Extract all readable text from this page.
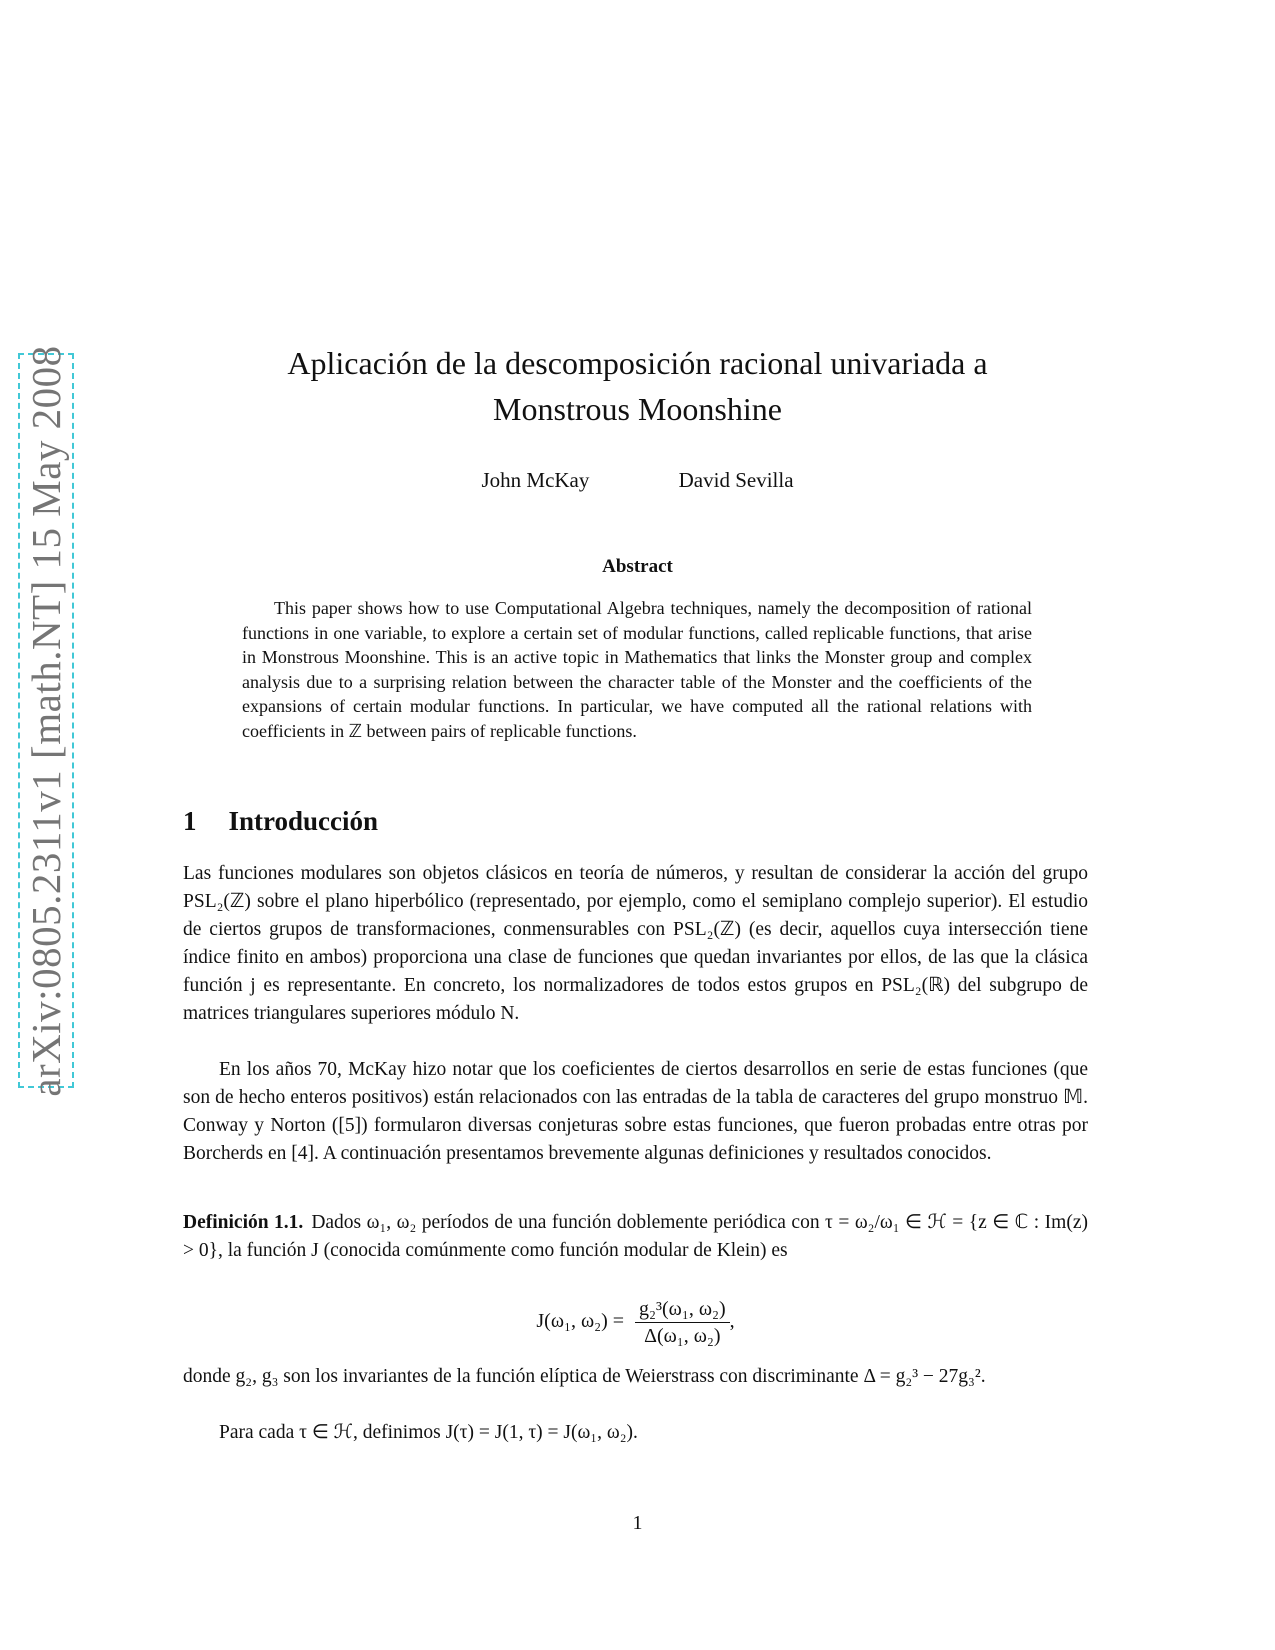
arXiv:0805.2311v1 [math.NT] 15 May 2008	Aplicación de la descomposición racional univariada a
Monstrous Moonshine
John McKay	David Sevilla
Abstract
This paper shows how to use Computational Algebra techniques, namely the decomposition of rational functions in one variable, to explore a certain set of modular functions, called replicable functions, that arise in Monstrous Moonshine. This is an active topic in Mathematics that links the Monster group and complex analysis due to a surprising relation between the character table of the Monster and the coefficients of the expansions of certain modular functions. In particular, we have computed all the rational relations with coefficients in ℤ between pairs of replicable functions.
1 Introducción
Las funciones modulares son objetos clásicos en teoría de números, y resultan de considerar la acción del grupo PSL₂(ℤ) sobre el plano hiperbólico (representado, por ejemplo, como el semiplano complejo superior). El estudio de ciertos grupos de transformaciones, conmensurables con PSL₂(ℤ) (es decir, aquellos cuya intersección tiene índice finito en ambos) proporciona una clase de funciones que quedan invariantes por ellos, de las que la clásica función j es representante. En concreto, los normalizadores de todos estos grupos en PSL₂(ℝ) del subgrupo de matrices triangulares superiores módulo N.
En los años 70, McKay hizo notar que los coeficientes de ciertos desarrollos en serie de estas funciones (que son de hecho enteros positivos) están relacionados con las entradas de la tabla de caracteres del grupo monstruo 𝕄. Conway y Norton ([5]) formularon diversas conjeturas sobre estas funciones, que fueron probadas entre otras por Borcherds en [4]. A continuación presentamos brevemente algunas definiciones y resultados conocidos.
Definición 1.1. Dados ω₁, ω₂ períodos de una función doblemente periódica con τ = ω₂/ω₁ ∈ ℋ = {z ∈ ℂ : Im(z) > 0}, la función J (conocida comúnmente como función modular de Klein) es
J(ω₁, $\omega_2) = \frac{\text{g₂³(ω₁, ω₂)}}{\text{Δ(ω₁, ω₂)}}$ ,
donde g₂, g₃ son los invariantes de la función elíptica de Weierstrass con discriminante Δ = g₂³ − 27g₃².
Para cada τ ∈ ℋ, definimos J(τ) = J(1, τ) = J(ω₁, ω₂).
1
